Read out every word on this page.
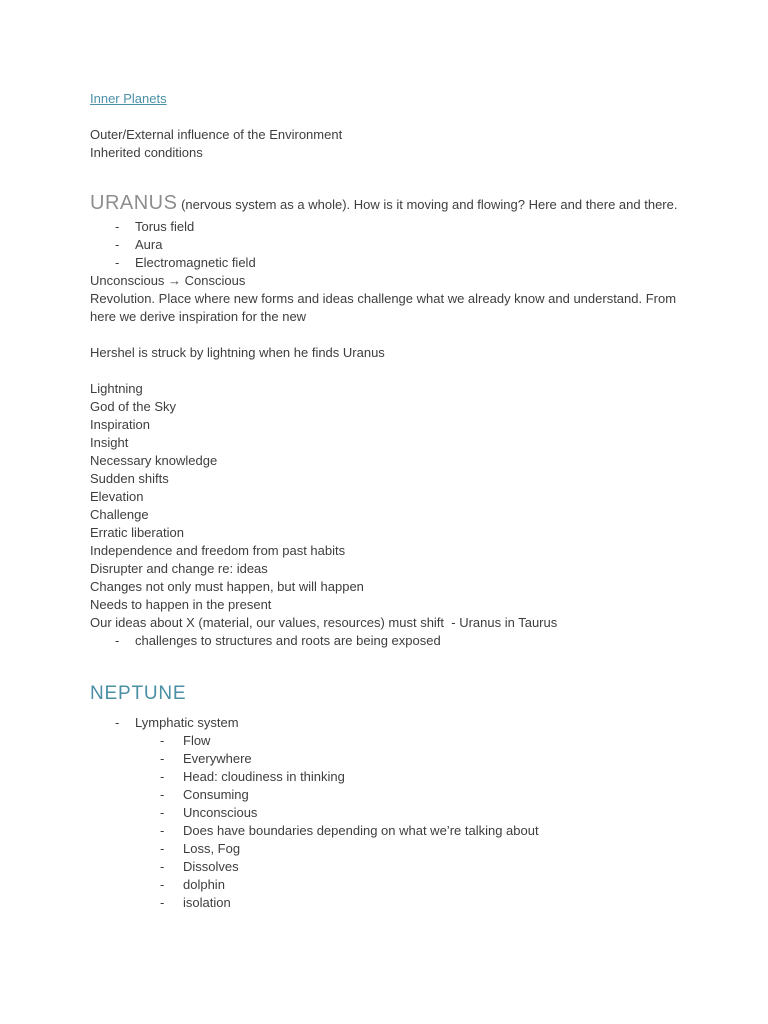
Inner Planets
Outer/External influence of the Environment
Inherited conditions
URANUS (nervous system as a whole). How is it moving and flowing? Here and there and there.
-	Torus field
-	Aura
-	Electromagnetic field
Unconscious → Conscious
Revolution. Place where new forms and ideas challenge what we already know and understand. From
here we derive inspiration for the new
Hershel is struck by lightning when he finds Uranus
Lightning
God of the Sky
Inspiration
Insight
Necessary knowledge
Sudden shifts
Elevation
Challenge
Erratic liberation
Independence and freedom from past habits
Disrupter and change re: ideas
Changes not only must happen, but will happen
Needs to happen in the present
Our ideas about X (material, our values, resources) must shift  - Uranus in Taurus
-	challenges to structures and roots are being exposed
NEPTUNE
-	Lymphatic system
-	Flow
-	Everywhere
-	Head: cloudiness in thinking
-	Consuming
-	Unconscious
-	Does have boundaries depending on what we’re talking about
-	Loss, Fog
-	Dissolves
-	dolphin
-	isolation
